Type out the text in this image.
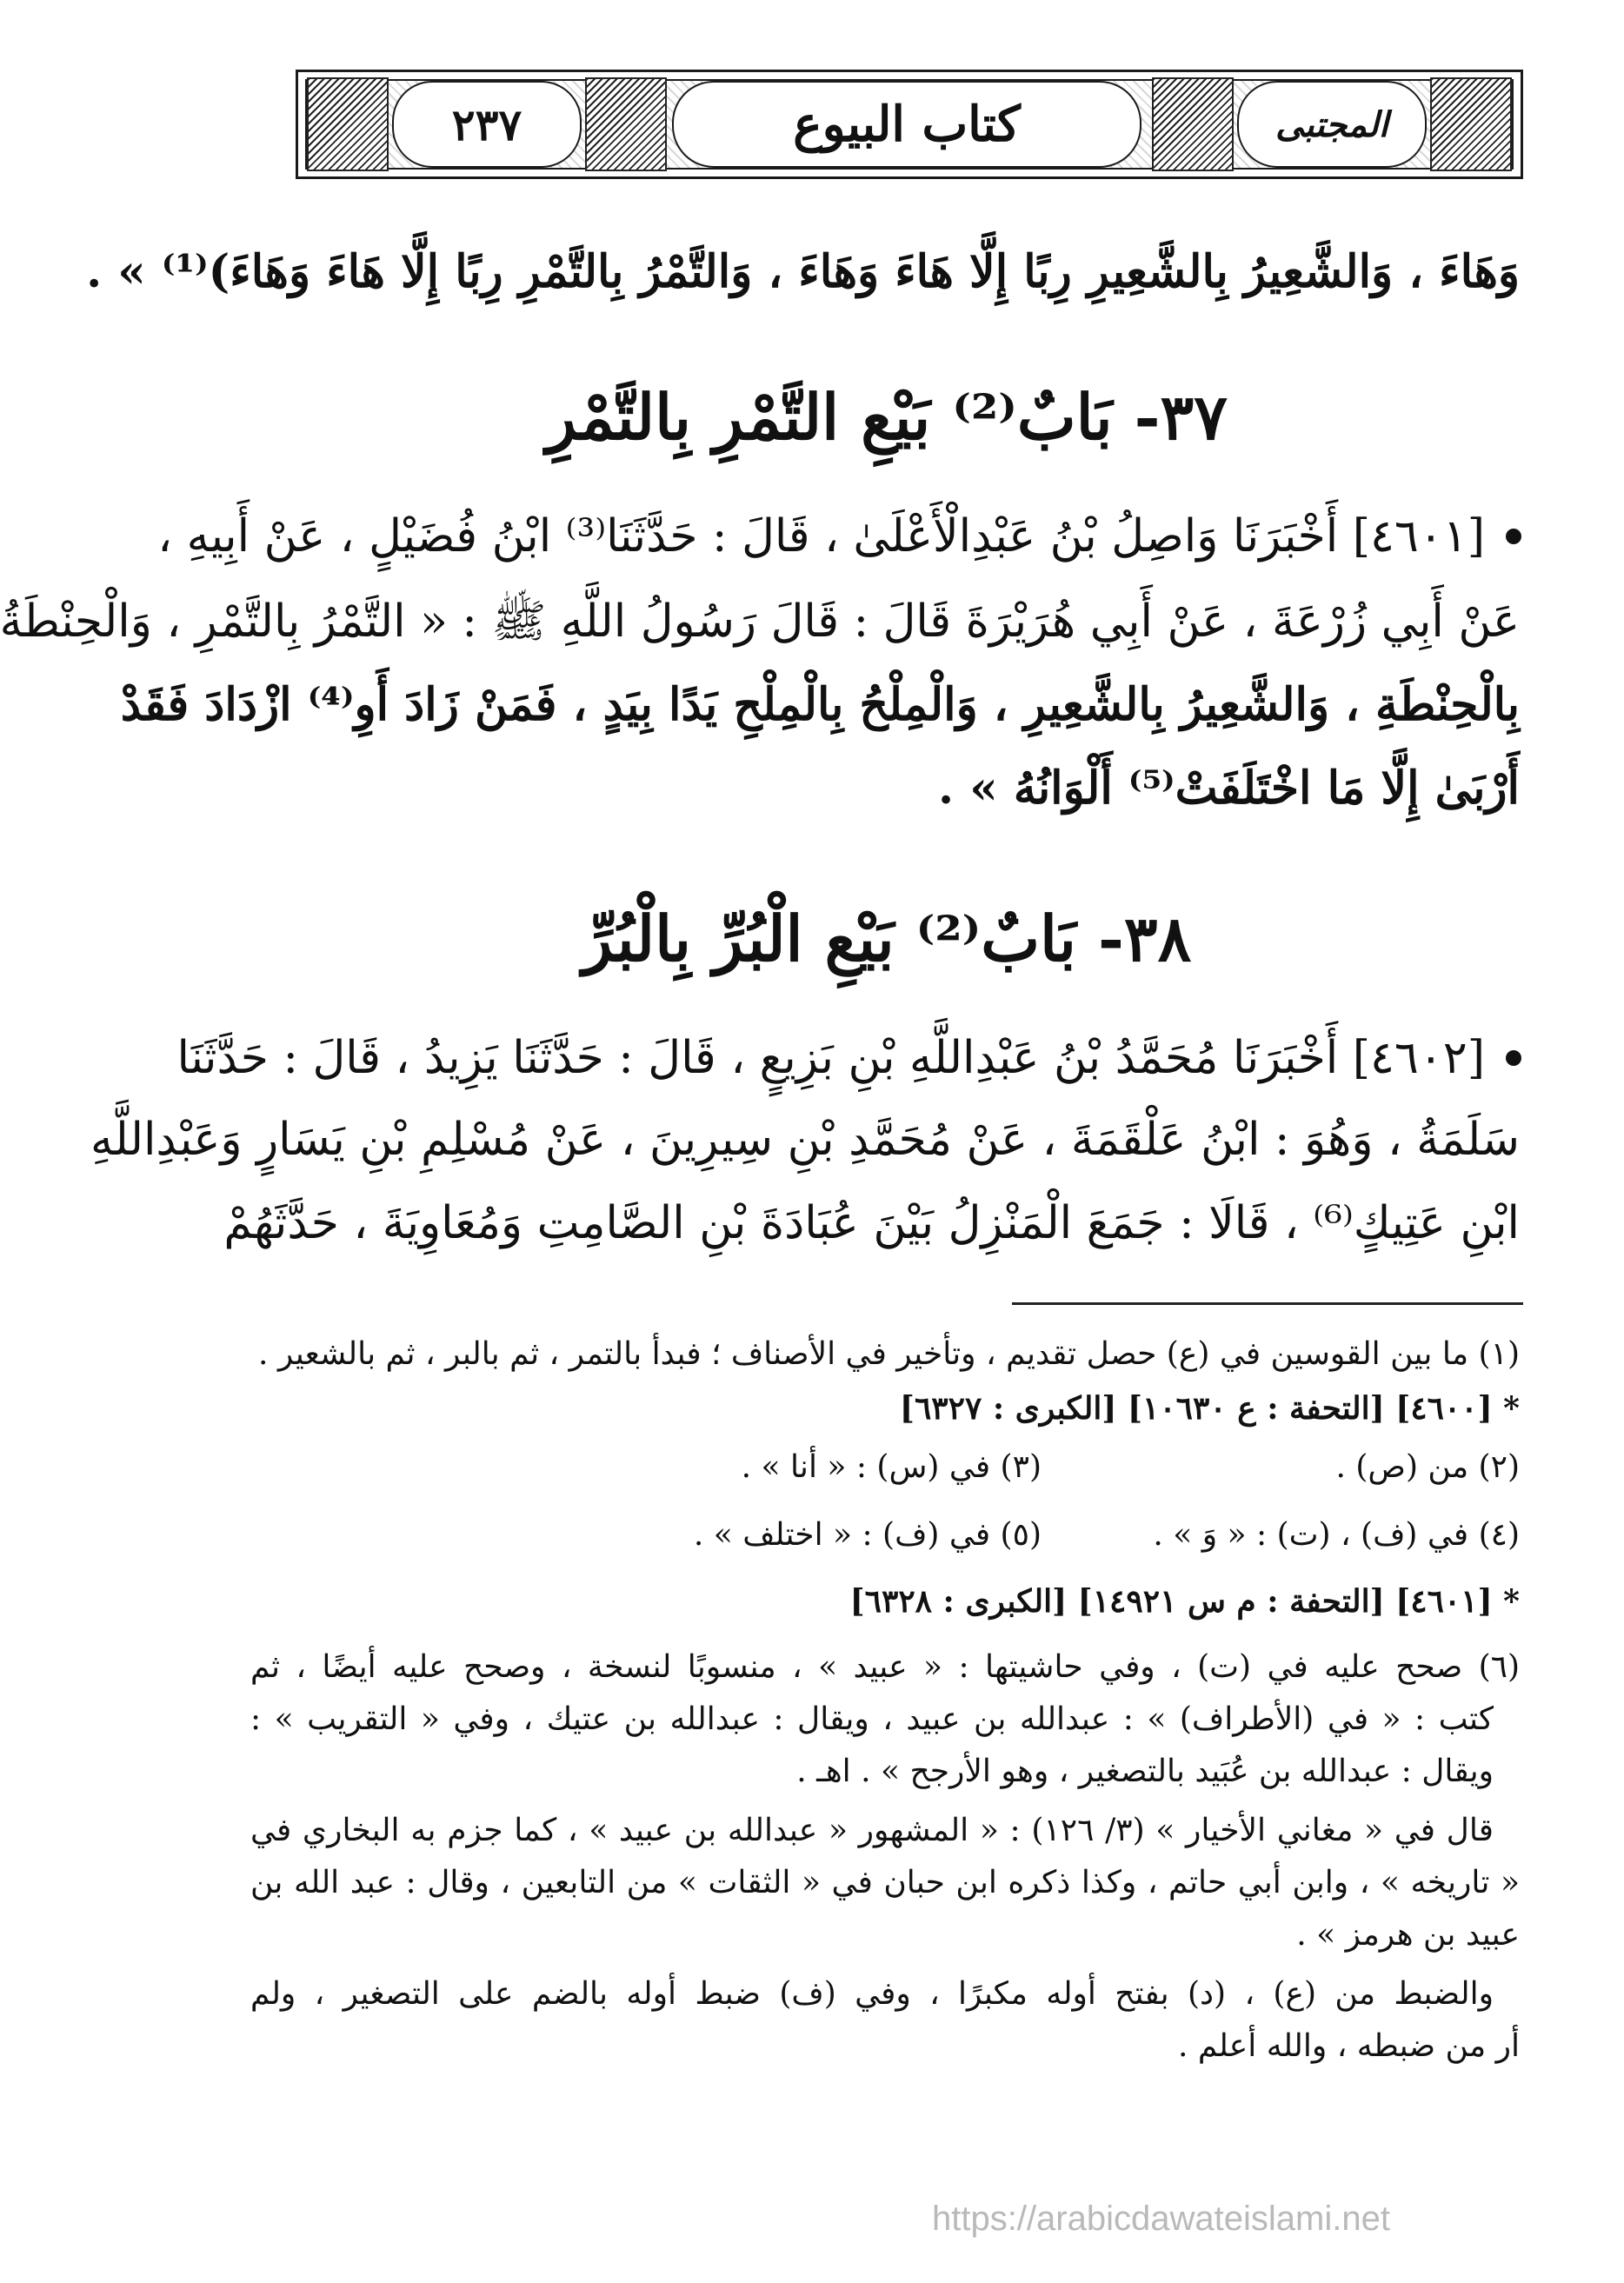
٢٣٧	كتاب البيوع	المجتبى
وَهَاءَ ، وَالشَّعِيرُ بِالشَّعِيرِ رِبًا إِلَّا هَاءَ وَهَاءَ ، وَالتَّمْرُ بِالتَّمْرِ رِبًا إِلَّا هَاءَ وَهَاءَ)⁽¹⁾ » .
٣٧- بَابٌ⁽²⁾ بَيْعِ التَّمْرِ بِالتَّمْرِ
[٤٦٠١] أَخْبَرَنَا وَاصِلُ بْنُ عَبْدِالْأَعْلَىٰ ، قَالَ : حَدَّثَنَا⁽³⁾ ابْنُ فُضَيْلٍ ، عَنْ أَبِيهِ ،
عَنْ أَبِي زُرْعَةَ ، عَنْ أَبِي هُرَيْرَةَ قَالَ : قَالَ رَسُولُ اللَّهِ ﷺ : « التَّمْرُ بِالتَّمْرِ ، وَالْحِنْطَةُ
بِالْحِنْطَةِ ، وَالشَّعِيرُ بِالشَّعِيرِ ، وَالْمِلْحُ بِالْمِلْحِ يَدًا بِيَدٍ ، فَمَنْ زَادَ أَوِ⁽⁴⁾ ازْدَادَ فَقَدْ
أَرْبَىٰ إِلَّا مَا اخْتَلَفَتْ⁽⁵⁾ أَلْوَانُهُ » .
٣٨- بَابٌ⁽²⁾ بَيْعِ الْبُرِّ بِالْبُرِّ
[٤٦٠٢] أَخْبَرَنَا مُحَمَّدُ بْنُ عَبْدِاللَّهِ بْنِ بَزِيعٍ ، قَالَ : حَدَّثَنَا يَزِيدُ ، قَالَ : حَدَّثَنَا
سَلَمَةُ ، وَهُوَ : ابْنُ عَلْقَمَةَ ، عَنْ مُحَمَّدِ بْنِ سِيرِينَ ، عَنْ مُسْلِمِ بْنِ يَسَارٍ وَعَبْدِاللَّهِ
ابْنِ عَتِيكٍ⁽⁶⁾ ، قَالَا : جَمَعَ الْمَنْزِلُ بَيْنَ عُبَادَةَ بْنِ الصَّامِتِ وَمُعَاوِيَةَ ، حَدَّثَهُمْ
(١) ما بين القوسين في (ع) حصل تقديم ، وتأخير في الأصناف ؛ فبدأ بالتمر ، ثم بالبر ، ثم بالشعير .
* [٤٦٠٠] [التحفة : ع ١٠٦٣٠] [الكبرى : ٦٣٢٧]
(٢) من (ص) .
(٣) في (س) : « أنا » .
(٤) في (ف) ، (ت) : « وَ » .
(٥) في (ف) : « اختلف » .
* [٤٦٠١] [التحفة : م س ١٤٩٢١] [الكبرى : ٦٣٢٨]
(٦) صحح عليه في (ت) ، وفي حاشيتها : « عبيد » ، منسوبًا لنسخة ، وصحح عليه أيضًا ، ثم
كتب : « في (الأطراف) » : عبدالله بن عبيد ، ويقال : عبدالله بن عتيك ، وفي « التقريب » :
ويقال : عبدالله بن عُبَيد بالتصغير ، وهو الأرجح » . اهـ .
قال في « مغاني الأخيار » (٣/ ١٢٦) : « المشهور « عبدالله بن عبيد » ، كما جزم به البخاري في
« تاريخه » ، وابن أبي حاتم ، وكذا ذكره ابن حبان في « الثقات » من التابعين ، وقال : عبد الله بن
عبيد بن هرمز » .
والضبط من (ع) ، (د) بفتح أوله مكبرًا ، وفي (ف) ضبط أوله بالضم على التصغير ، ولم
أر من ضبطه ، والله أعلم .
https://arabicdawateislami.net
